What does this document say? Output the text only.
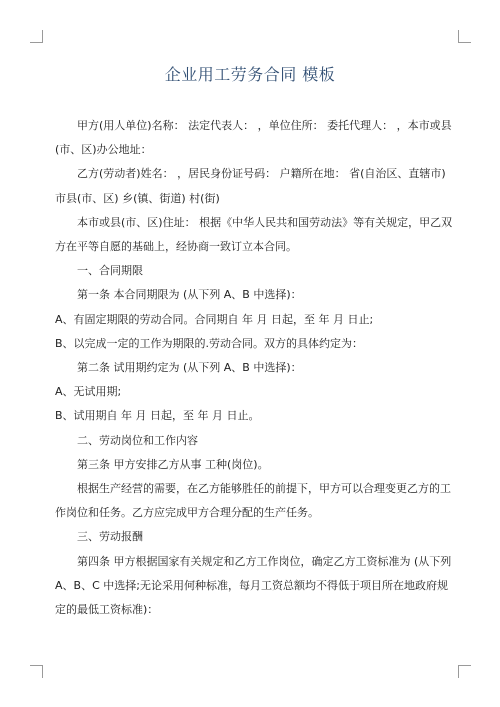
企业用工劳务合同 模板

甲方(用人单位)名称： 法定代表人： ，单位住所： 委托代理人： ，本市或县(市、区)办公地址：

乙方(劳动者)姓名： ，居民身份证号码： 户籍所在地： 省(自治区、直辖市) 市县(市、区) 乡(镇、街道) 村(街)

本市或县(市、区)住址： 根据《中华人民共和国劳动法》等有关规定，甲乙双方在平等自愿的基础上，经协商一致订立本合同。

一、合同期限

第一条 本合同期限为 (从下列 A、B 中选择)：

A、有固定期限的劳动合同。合同期自 年 月 日起，至 年 月 日止;

B、以完成一定的工作为期限的.劳动合同。双方的具体约定为：

第二条 试用期约定为 (从下列 A、B 中选择)：

A、无试用期;

B、试用期自 年 月 日起，至 年 月 日止。

二、劳动岗位和工作内容

第三条 甲方安排乙方从事 工种(岗位)。

根据生产经营的需要，在乙方能够胜任的前提下，甲方可以合理变更乙方的工作岗位和任务。乙方应完成甲方合理分配的生产任务。

三、劳动报酬

第四条 甲方根据国家有关规定和乙方工作岗位，确定乙方工资标准为 (从下列A、B、C 中选择;无论采用何种标准，每月工资总额均不得低于项目所在地政府规定的最低工资标准)：
